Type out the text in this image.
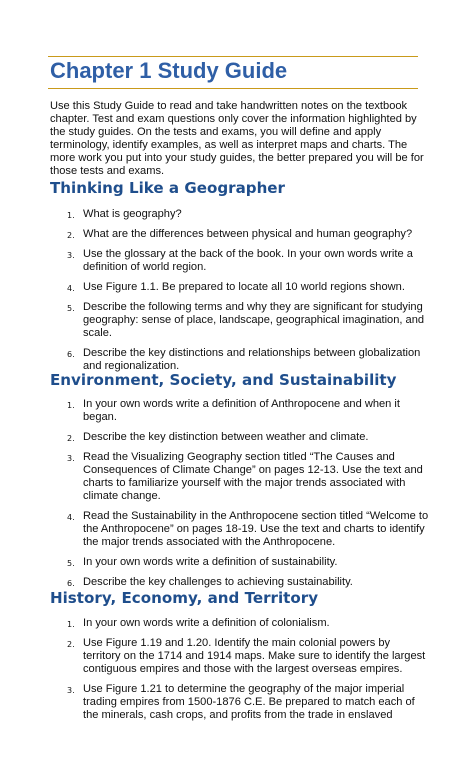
Chapter 1 Study Guide

Use this Study Guide to read and take handwritten notes on the textbook chapter. Test and exam questions only cover the information highlighted by the study guides. On the tests and exams, you will define and apply terminology, identify examples, as well as interpret maps and charts. The more work you put into your study guides, the better prepared you will be for those tests and exams.

Thinking Like a Geographer
1. What is geography?
2. What are the differences between physical and human geography?
3. Use the glossary at the back of the book. In your own words write a definition of world region.
4. Use Figure 1.1. Be prepared to locate all 10 world regions shown.
5. Describe the following terms and why they are significant for studying geography: sense of place, landscape, geographical imagination, and scale.
6. Describe the key distinctions and relationships between globalization and regionalization.
Environment, Society, and Sustainability
1. In your own words write a definition of Anthropocene and when it began.
2. Describe the key distinction between weather and climate.
3. Read the Visualizing Geography section titled “The Causes and Consequences of Climate Change” on pages 12-13. Use the text and charts to familiarize yourself with the major trends associated with climate change.
4. Read the Sustainability in the Anthropocene section titled “Welcome to the Anthropocene” on pages 18-19. Use the text and charts to identify the major trends associated with the Anthropocene.
5. In your own words write a definition of sustainability.
6. Describe the key challenges to achieving sustainability.
History, Economy, and Territory
1. In your own words write a definition of colonialism.
2. Use Figure 1.19 and 1.20. Identify the main colonial powers by territory on the 1714 and 1914 maps. Make sure to identify the largest contiguous empires and those with the largest overseas empires.
3. Use Figure 1.21 to determine the geography of the major imperial trading empires from 1500-1876 C.E. Be prepared to match each of the minerals, cash crops, and profits from the trade in enslaved
